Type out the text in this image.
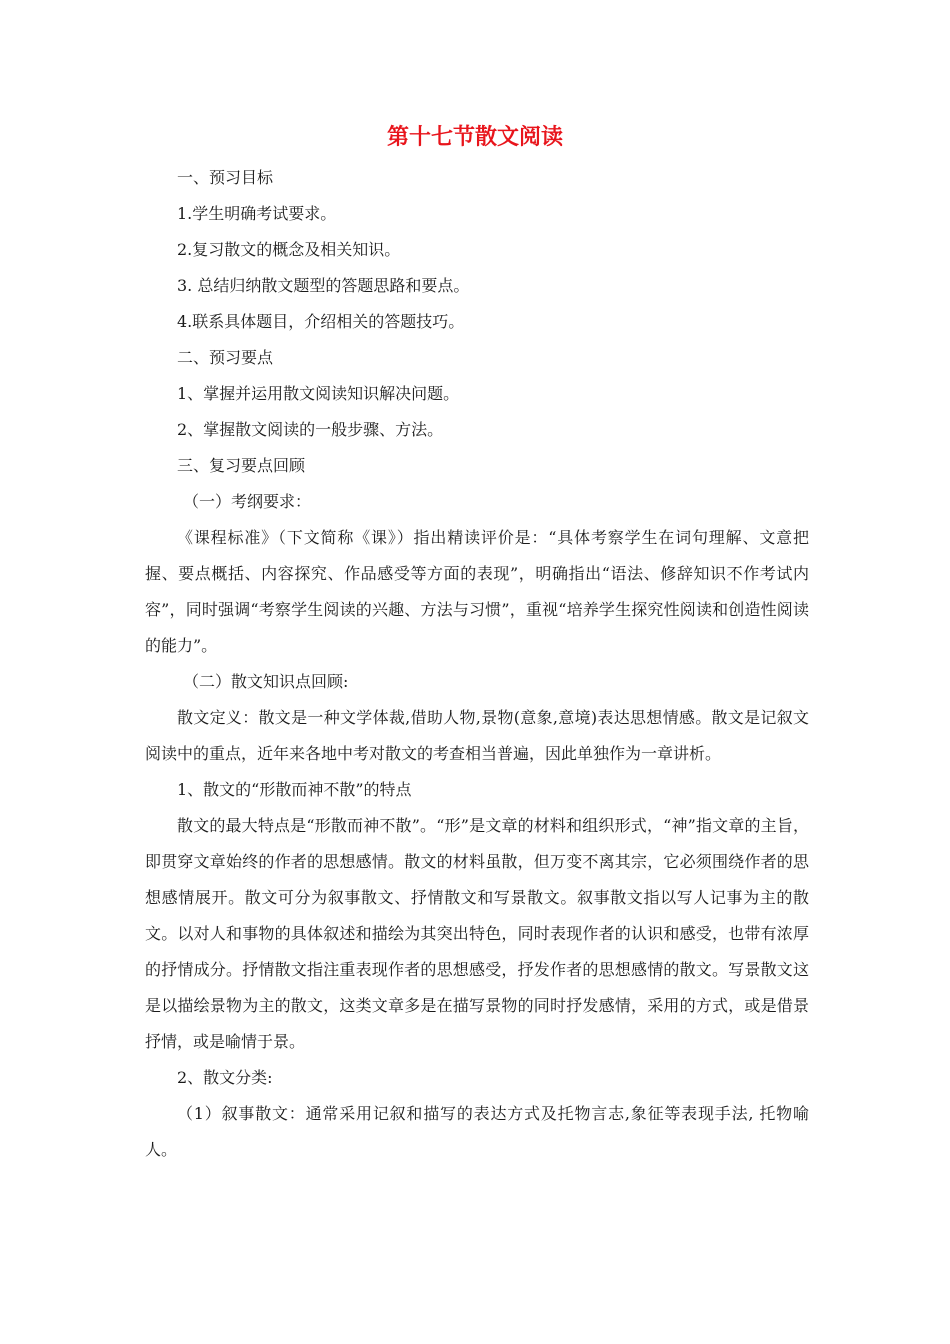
第十七节散文阅读

一、预习目标

1.学生明确考试要求。

2.复习散文的概念及相关知识。

3. 总结归纳散文题型的答题思路和要点。

4.联系具体题目，介绍相关的答题技巧。

二、预习要点

1、掌握并运用散文阅读知识解决问题。

2、掌握散文阅读的一般步骤、方法。

三、复习要点回顾

（一）考纲要求：

《课程标准》（下文简称《课》）指出精读评价是：“具体考察学生在词句理解、文意把握、要点概括、内容探究、作品感受等方面的表现”，明确指出“语法、修辞知识不作考试内容”，同时强调“考察学生阅读的兴趣、方法与习惯”，重视“培养学生探究性阅读和创造性阅读的能力”。

（二）散文知识点回顾:

散文定义：散文是一种文学体裁,借助人物,景物(意象,意境)表达思想情感。散文是记叙文阅读中的重点，近年来各地中考对散文的考查相当普遍，因此单独作为一章讲析。

1、散文的“形散而神不散”的特点

散文的最大特点是“形散而神不散”。“形”是文章的材料和组织形式，“神”指文章的主旨，即贯穿文章始终的作者的思想感情。散文的材料虽散，但万变不离其宗，它必须围绕作者的思想感情展开。散文可分为叙事散文、抒情散文和写景散文。叙事散文指以写人记事为主的散文。以对人和事物的具体叙述和描绘为其突出特色，同时表现作者的认识和感受，也带有浓厚的抒情成分。抒情散文指注重表现作者的思想感受，抒发作者的思想感情的散文。写景散文这是以描绘景物为主的散文，这类文章多是在描写景物的同时抒发感情，采用的方式，或是借景抒情，或是喻情于景。

2、散文分类:

（1）叙事散文：通常采用记叙和描写的表达方式及托物言志,象征等表现手法, 托物喻人。
